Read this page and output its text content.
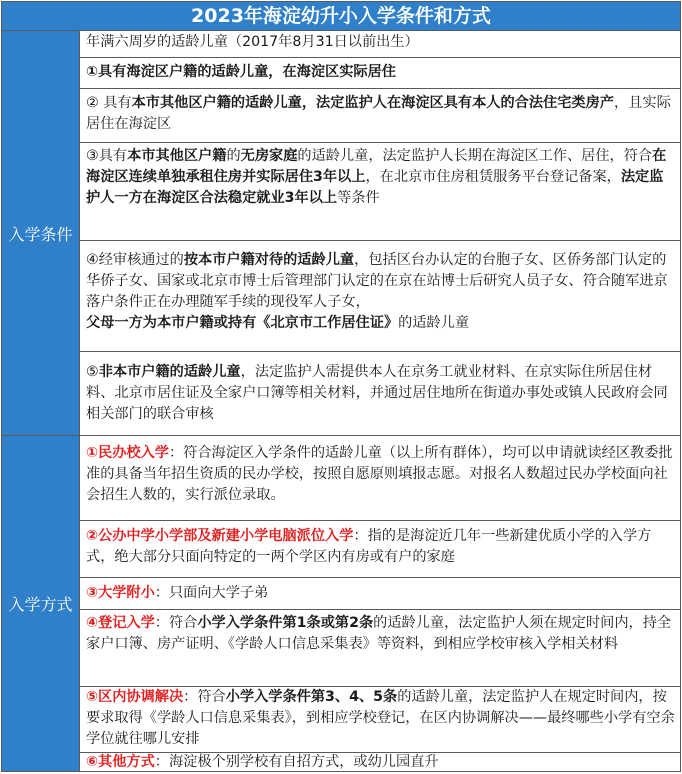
2023年海淀幼升小入学条件和方式
入学条件
入学方式
年满六周岁的适龄儿童（2017年8月31日以前出生）
①具有海淀区户籍的适龄儿童，在海淀区实际居住
② 具有本市其他区户籍的适龄儿童，法定监护人在海淀区具有本人的合法住宅类房产，且实际居住在海淀区
③具有本市其他区户籍的无房家庭的适龄儿童，法定监护人长期在海淀区工作、居住，符合在海淀区连续单独承租住房并实际居住3年以上，在北京市住房租赁服务平台登记备案，法定监护人一方在海淀区合法稳定就业3年以上等条件
④经审核通过的按本市户籍对待的适龄儿童，包括区台办认定的台胞子女、区侨务部门认定的华侨子女、国家或北京市博士后管理部门认定的在京在站博士后研究人员子女、符合随军进京落户条件正在办理随军手续的现役军人子女，父母一方为本市户籍或持有《北京市工作居住证》的适龄儿童
⑤非本市户籍的适龄儿童，法定监护人需提供本人在京务工就业材料、在京实际住所居住材料、北京市居住证及全家户口簿等相关材料，并通过居住地所在街道办事处或镇人民政府会同相关部门的联合审核
①民办校入学：符合海淀区入学条件的适龄儿童（以上所有群体），均可以申请就读经区教委批准的具备当年招生资质的民办学校，按照自愿原则填报志愿。对报名人数超过民办学校面向社会招生人数的，实行派位录取。
②公办中学小学部及新建小学电脑派位入学：指的是海淀近几年一些新建优质小学的入学方式，绝大部分只面向特定的一两个学区内有房或有户的家庭
③大学附小：只面向大学子弟
④登记入学：符合小学入学条件第1条或第2条的适龄儿童，法定监护人须在规定时间内，持全家户口簿、房产证明、《学龄人口信息采集表》等资料，到相应学校审核入学相关材料
⑤区内协调解决：符合小学入学条件第3、4、5条的适龄儿童，法定监护人在规定时间内，按要求取得《学龄人口信息采集表》，到相应学校登记，在区内协调解决——最终哪些小学有空余学位就往哪儿安排
⑥其他方式：海淀极个别学校有自招方式，或幼儿园直升
